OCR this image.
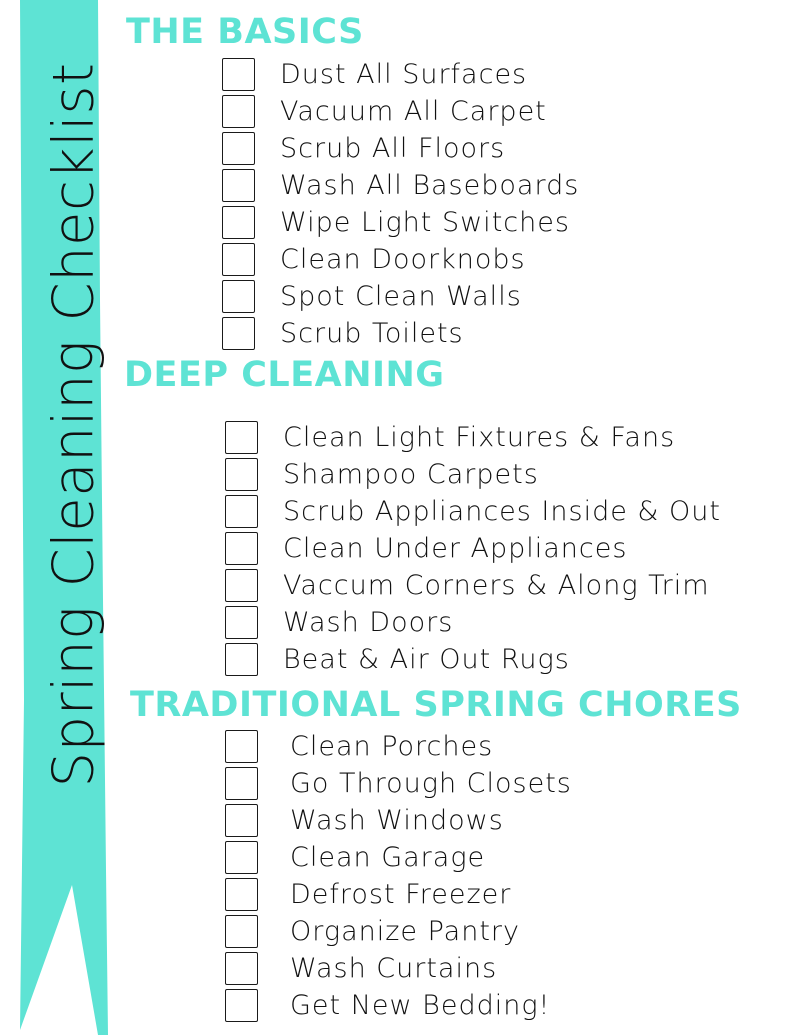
Spring Cleaning Checklist
THE BASICS
Dust All Surfaces
Vacuum All Carpet
Scrub All Floors
Wash All Baseboards
Wipe Light Switches
Clean Doorknobs
Spot Clean Walls
Scrub Toilets
DEEP CLEANING
Clean Light Fixtures & Fans
Shampoo Carpets
Scrub Appliances Inside & Out
Clean Under Appliances
Vaccum Corners & Along Trim
Wash Doors
Beat & Air Out Rugs
TRADITIONAL SPRING CHORES
Clean Porches
Go Through Closets
Wash Windows
Clean Garage
Defrost Freezer
Organize Pantry
Wash Curtains
Get New Bedding!
